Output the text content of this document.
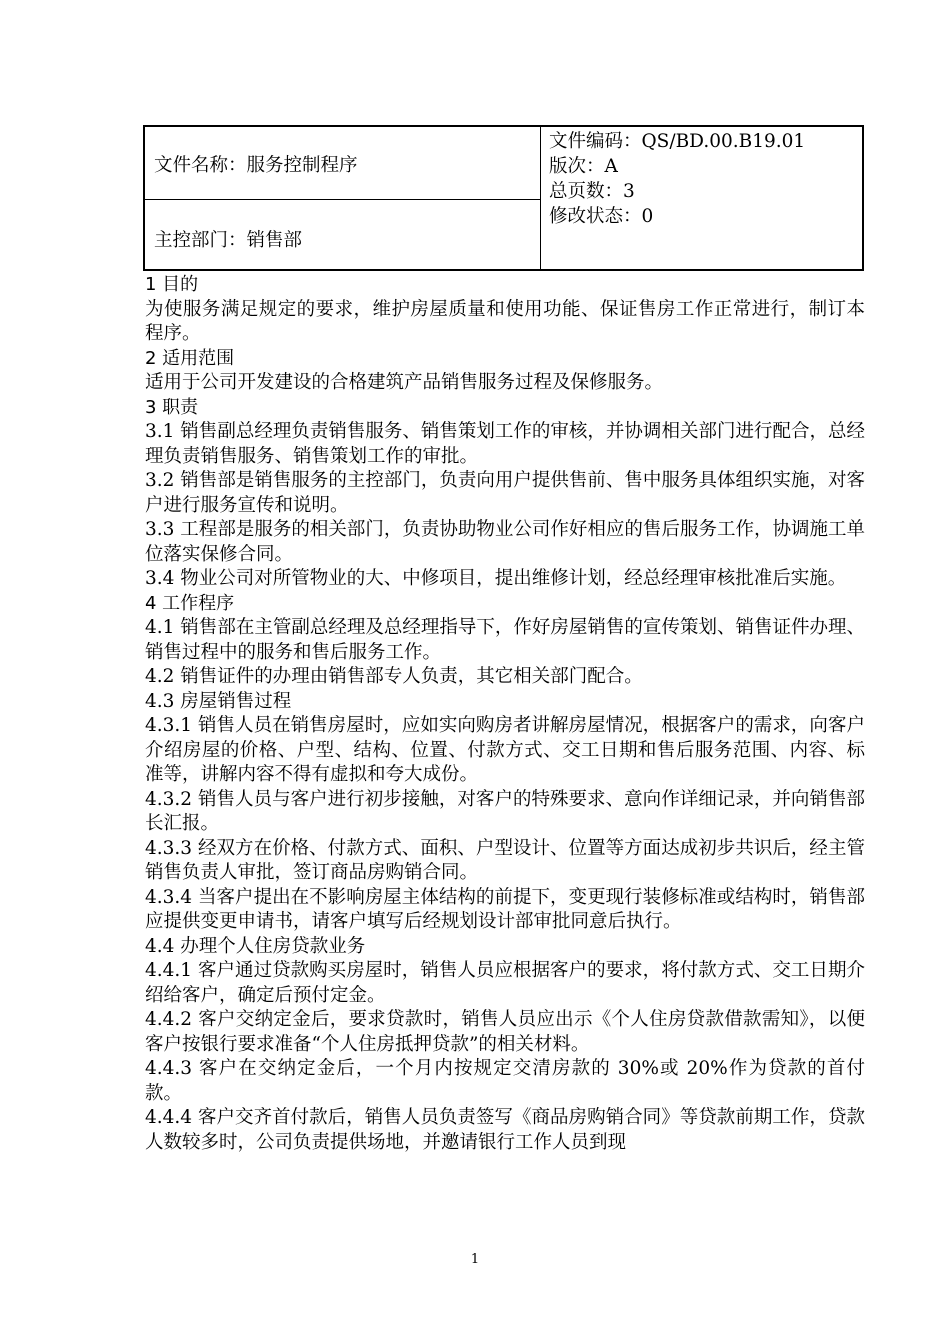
文件名称：服务控制程序

文件编码：QS/BD.00.B19.01
版次：A
总页数：3
修改状态：0

主控部门：销售部

1 目的

为使服务满足规定的要求，维护房屋质量和使用功能、保证售房工作正常进行，制订本程序。

2 适用范围

适用于公司开发建设的合格建筑产品销售服务过程及保修服务。

3 职责

3.1 销售副总经理负责销售服务、销售策划工作的审核，并协调相关部门进行配合，总经理负责销售服务、销售策划工作的审批。

3.2 销售部是销售服务的主控部门，负责向用户提供售前、售中服务具体组织实施，对客户进行服务宣传和说明。

3.3 工程部是服务的相关部门，负责协助物业公司作好相应的售后服务工作，协调施工单位落实保修合同。

3.4 物业公司对所管物业的大、中修项目，提出维修计划，经总经理审核批准后实施。

4 工作程序

4.1 销售部在主管副总经理及总经理指导下，作好房屋销售的宣传策划、销售证件办理、销售过程中的服务和售后服务工作。

4.2 销售证件的办理由销售部专人负责，其它相关部门配合。

4.3 房屋销售过程

4.3.1 销售人员在销售房屋时，应如实向购房者讲解房屋情况，根据客户的需求，向客户介绍房屋的价格、户型、结构、位置、付款方式、交工日期和售后服务范围、内容、标准等，讲解内容不得有虚拟和夸大成份。

4.3.2 销售人员与客户进行初步接触，对客户的特殊要求、意向作详细记录，并向销售部长汇报。

4.3.3 经双方在价格、付款方式、面积、户型设计、位置等方面达成初步共识后，经主管销售负责人审批，签订商品房购销合同。

4.3.4 当客户提出在不影响房屋主体结构的前提下，变更现行装修标准或结构时，销售部应提供变更申请书，请客户填写后经规划设计部审批同意后执行。

4.4 办理个人住房贷款业务

4.4.1 客户通过贷款购买房屋时，销售人员应根据客户的要求，将付款方式、交工日期介绍给客户，确定后预付定金。

4.4.2 客户交纳定金后，要求贷款时，销售人员应出示《个人住房贷款借款需知》，以便客户按银行要求准备“个人住房抵押贷款”的相关材料。

4.4.3 客户在交纳定金后，一个月内按规定交清房款的 30%或 20%作为贷款的首付款。

4.4.4 客户交齐首付款后，销售人员负责签写《商品房购销合同》等贷款前期工作，贷款人数较多时，公司负责提供场地，并邀请银行工作人员到现

1
